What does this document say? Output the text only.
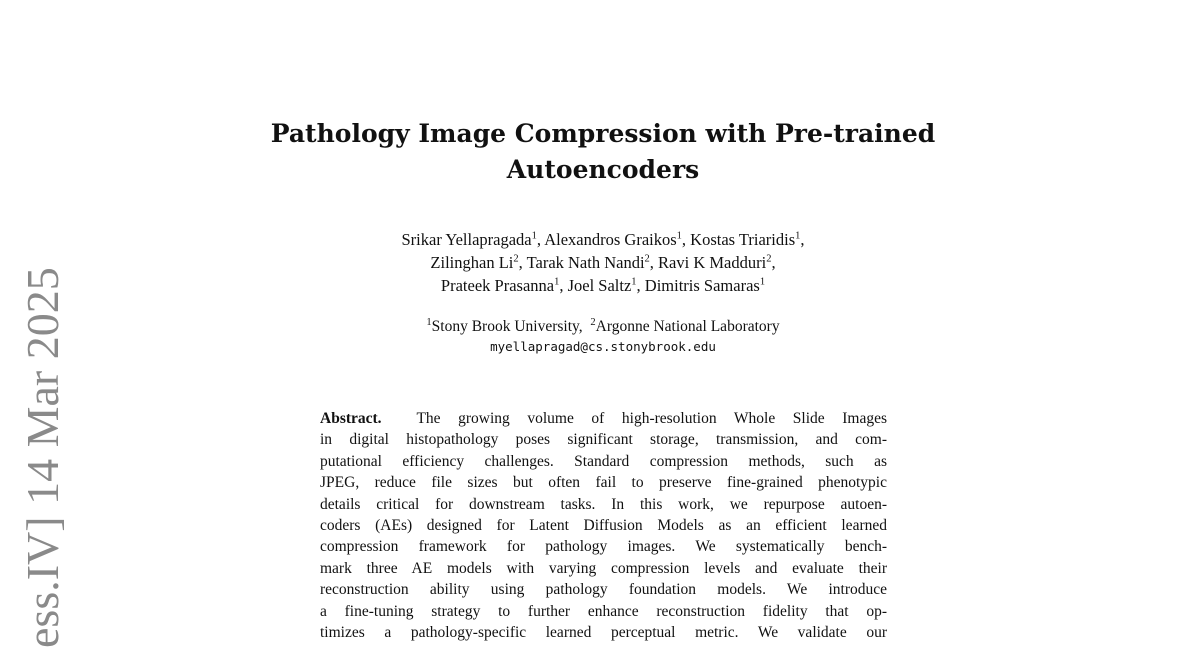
Pathology Image Compression with Pre-trained
Autoencoders
Srikar Yellapragada$^1$, Alexandros Graikos$^1$, Kostas Triaridis$^1$,
Zilinghan Li$^2$, Tarak Nath Nandi$^2$, Ravi K Madduri$^2$,
Prateek Prasanna$^1$, Joel Saltz$^1$, Dimitris Samaras$^1$
$^1$Stony Brook University, $^2$Argonne National Laboratory
myellapragad@cs.stonybrook.edu
Abstract. The growing volume of high-resolution Whole Slide Images
in digital histopathology poses significant storage, transmission, and com-
putational efficiency challenges. Standard compression methods, such as
JPEG, reduce file sizes but often fail to preserve fine-grained phenotypic
details critical for downstream tasks. In this work, we repurpose autoen-
coders (AEs) designed for Latent Diffusion Models as an efficient learned
compression framework for pathology images. We systematically bench-
mark three AE models with varying compression levels and evaluate their
reconstruction ability using pathology foundation models. We introduce
a fine-tuning strategy to further enhance reconstruction fidelity that op-
timizes a pathology-specific learned perceptual metric. We validate our
ess.IV] 14 Mar 2025
